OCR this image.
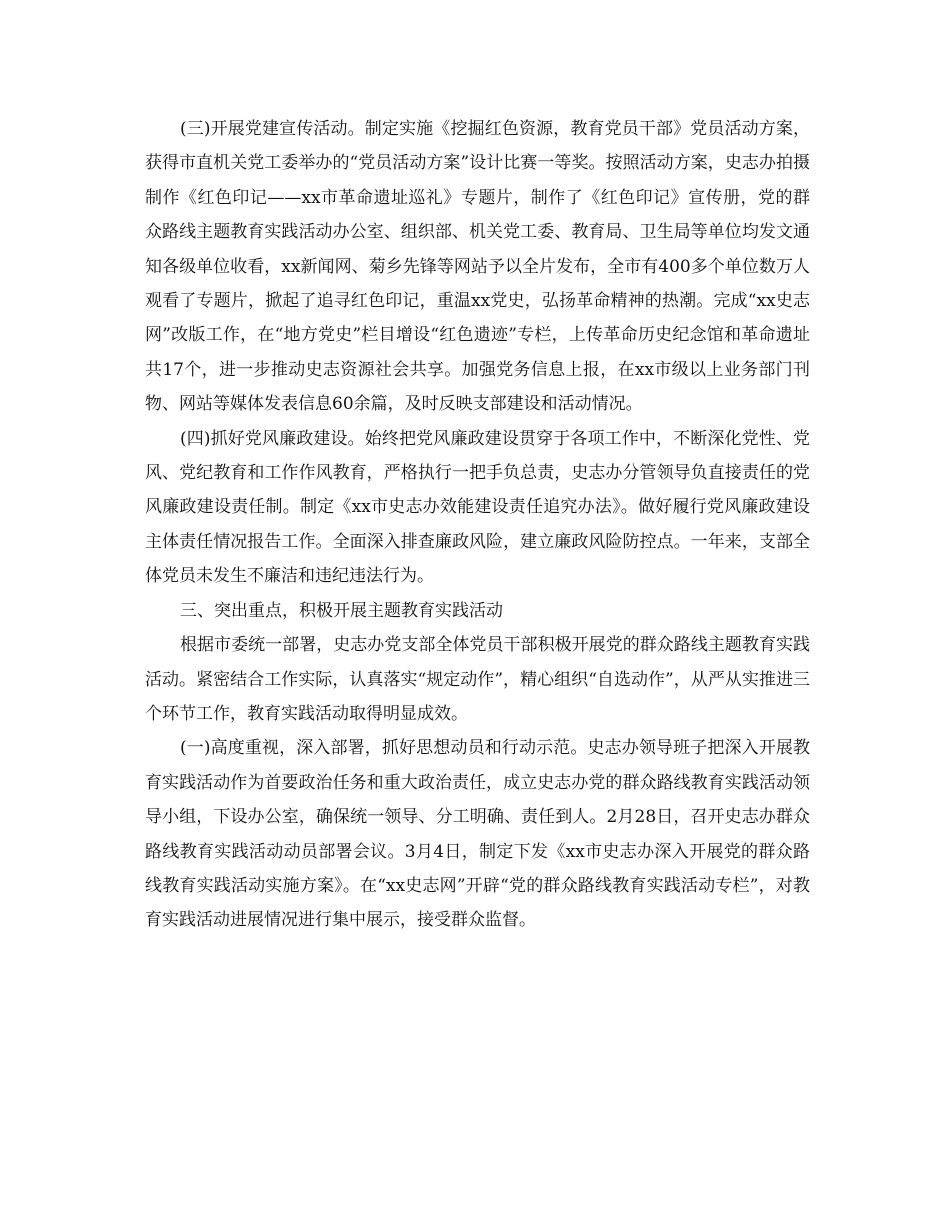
(三)开展党建宣传活动。制定实施《挖掘红色资源，教育党员干部》党员活动方案，获得市直机关党工委举办的“党员活动方案”设计比赛一等奖。按照活动方案，史志办拍摄制作《红色印记——xx市革命遗址巡礼》专题片，制作了《红色印记》宣传册，党的群众路线主题教育实践活动办公室、组织部、机关党工委、教育局、卫生局等单位均发文通知各级单位收看，xx新闻网、菊乡先锋等网站予以全片发布，全市有400多个单位数万人观看了专题片，掀起了追寻红色印记，重温xx党史，弘扬革命精神的热潮。完成“xx史志网”改版工作，在“地方党史”栏目增设“红色遗迹”专栏，上传革命历史纪念馆和革命遗址共17个，进一步推动史志资源社会共享。加强党务信息上报，在xx市级以上业务部门刊物、网站等媒体发表信息60余篇，及时反映支部建设和活动情况。

(四)抓好党风廉政建设。始终把党风廉政建设贯穿于各项工作中，不断深化党性、党风、党纪教育和工作作风教育，严格执行一把手负总责，史志办分管领导负直接责任的党风廉政建设责任制。制定《xx市史志办效能建设责任追究办法》。做好履行党风廉政建设主体责任情况报告工作。全面深入排查廉政风险，建立廉政风险防控点。一年来，支部全体党员未发生不廉洁和违纪违法行为。

三、突出重点，积极开展主题教育实践活动

根据市委统一部署，史志办党支部全体党员干部积极开展党的群众路线主题教育实践活动。紧密结合工作实际，认真落实“规定动作”，精心组织“自选动作”，从严从实推进三个环节工作，教育实践活动取得明显成效。

(一)高度重视，深入部署，抓好思想动员和行动示范。史志办领导班子把深入开展教育实践活动作为首要政治任务和重大政治责任，成立史志办党的群众路线教育实践活动领导小组，下设办公室，确保统一领导、分工明确、责任到人。2月28日，召开史志办群众路线教育实践活动动员部署会议。3月4日，制定下发《xx市史志办深入开展党的群众路线教育实践活动实施方案》。在“xx史志网”开辟“党的群众路线教育实践活动专栏”，对教育实践活动进展情况进行集中展示，接受群众监督。
